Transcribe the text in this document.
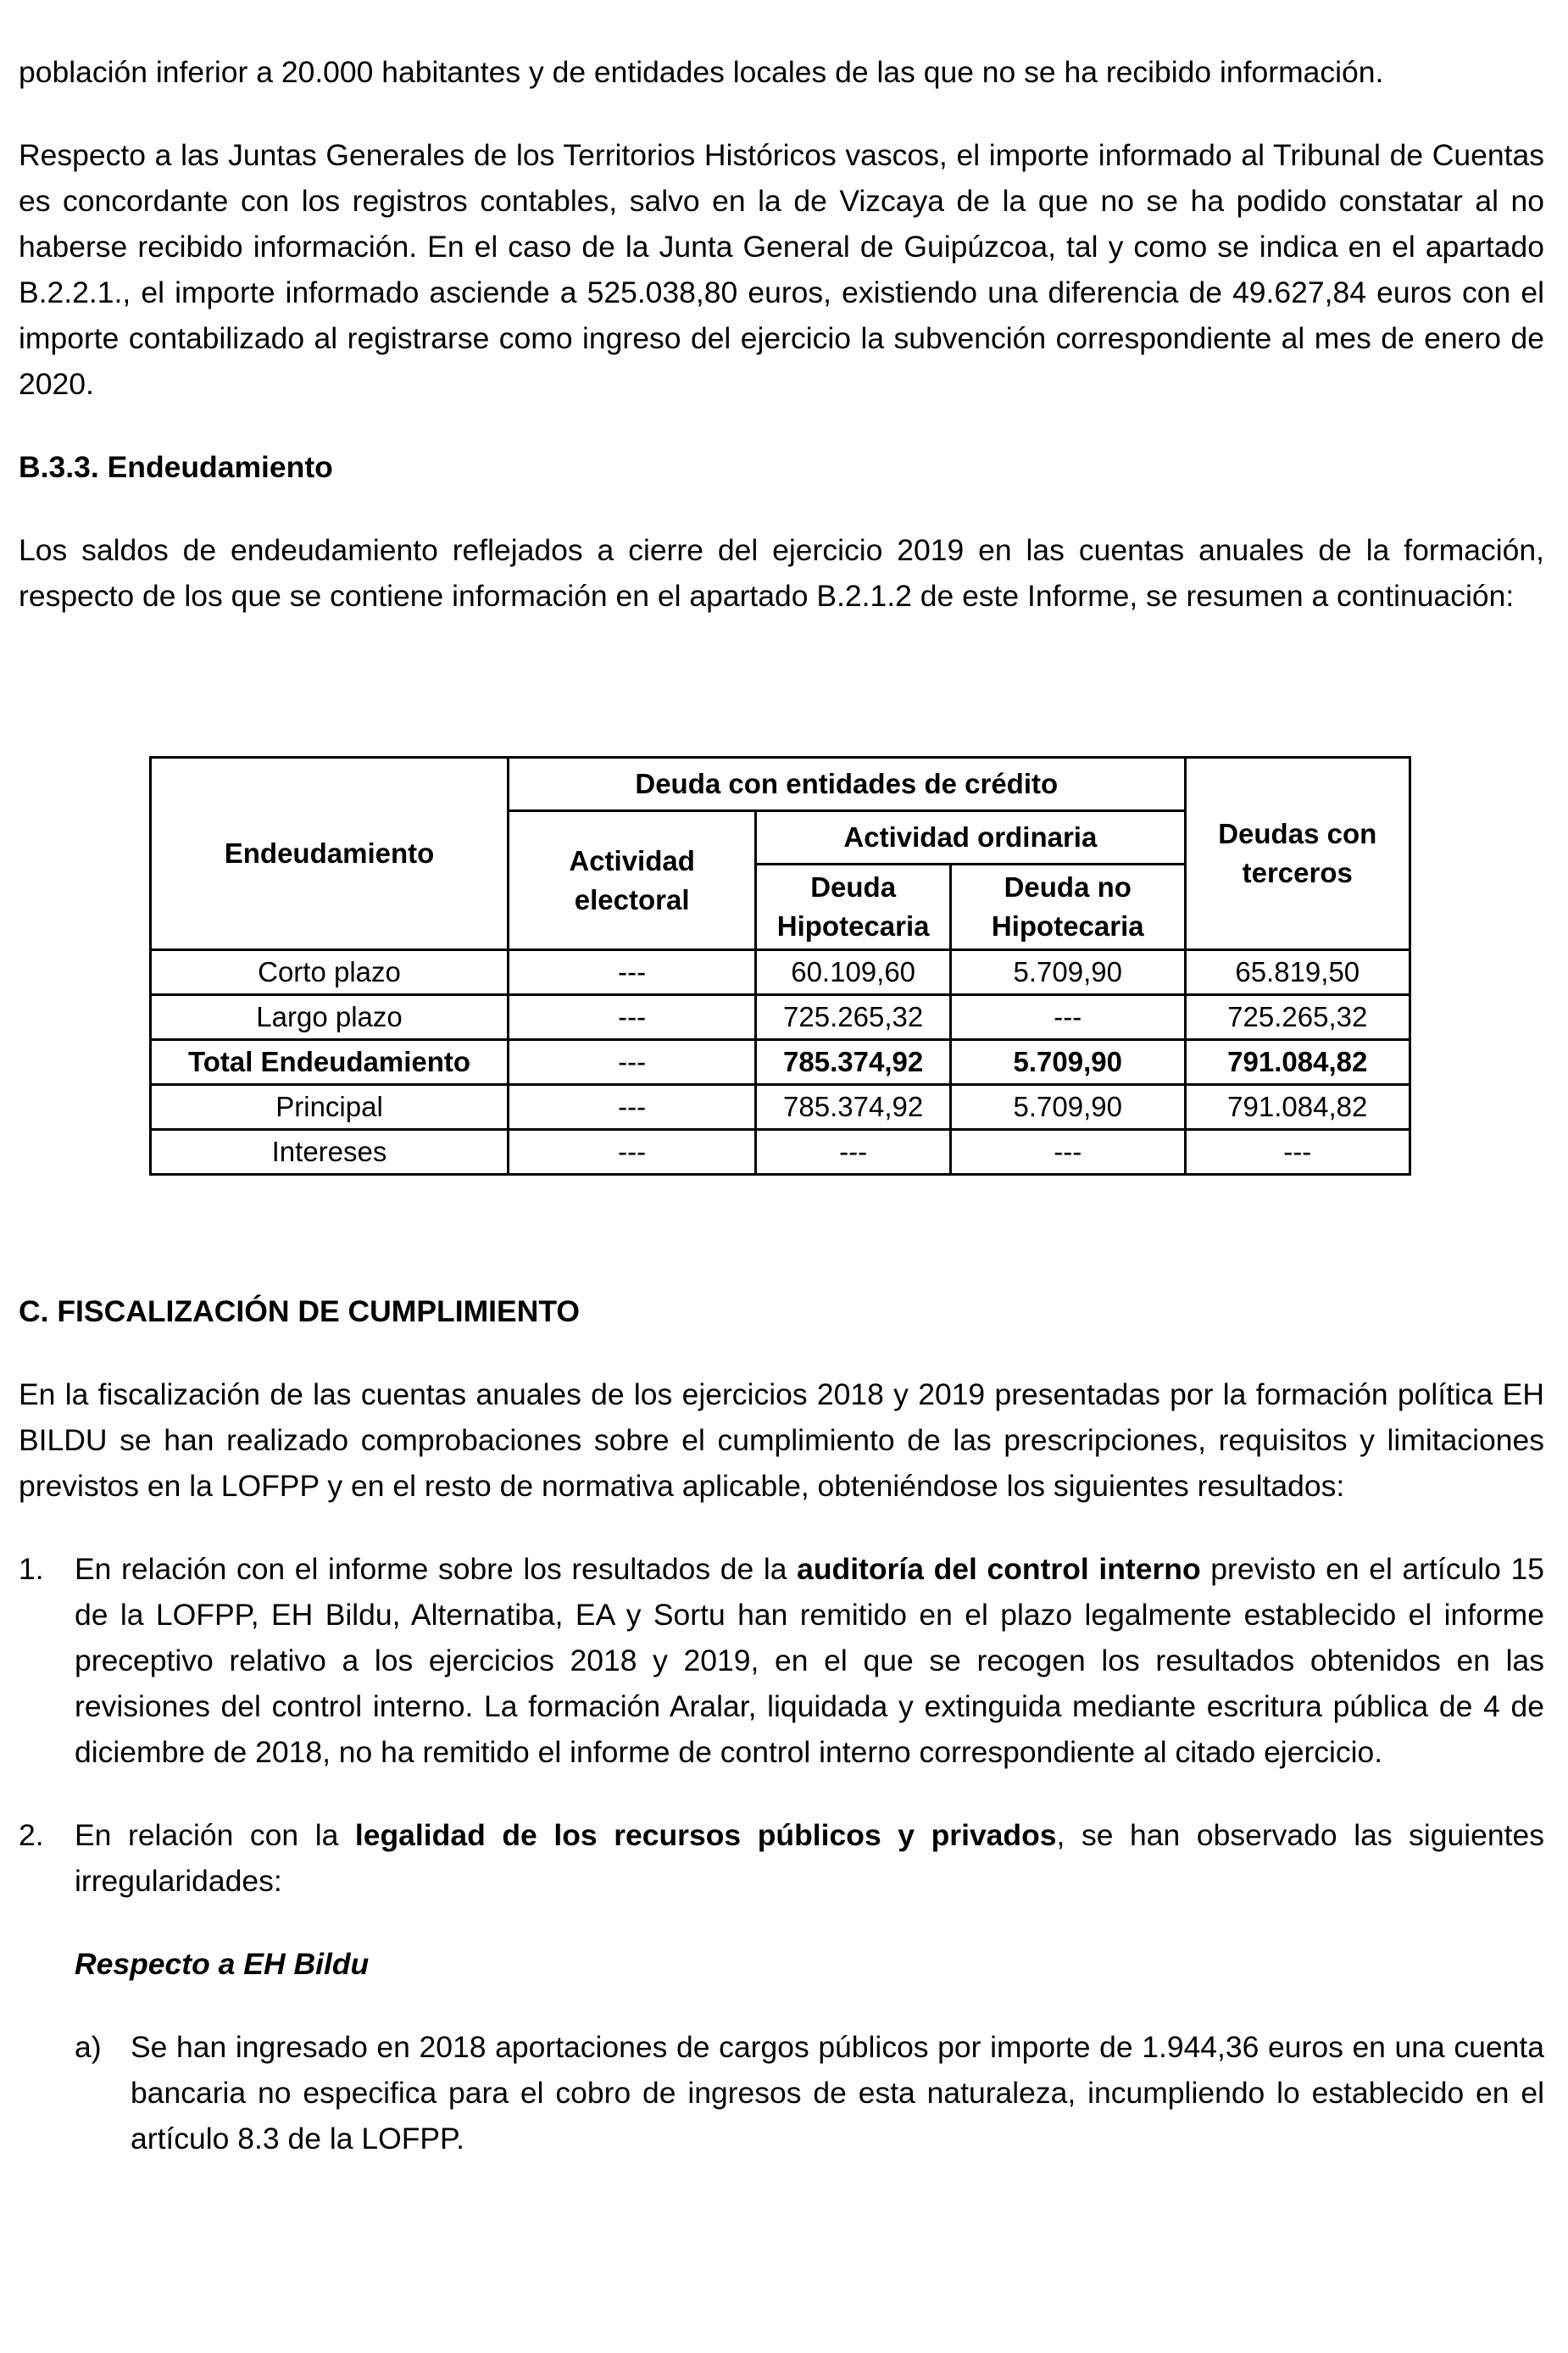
población inferior a 20.000 habitantes y de entidades locales de las que no se ha recibido información.

Respecto a las Juntas Generales de los Territorios Históricos vascos, el importe informado al Tribunal de Cuentas es concordante con los registros contables, salvo en la de Vizcaya de la que no se ha podido constatar al no haberse recibido información. En el caso de la Junta General de Guipúzcoa, tal y como se indica en el apartado B.2.2.1., el importe informado asciende a 525.038,80 euros, existiendo una diferencia de 49.627,84 euros con el importe contabilizado al registrarse como ingreso del ejercicio la subvención correspondiente al mes de enero de 2020.

B.3.3. Endeudamiento

Los saldos de endeudamiento reflejados a cierre del ejercicio 2019 en las cuentas anuales de la formación, respecto de los que se contiene información en el apartado B.2.1.2 de este Informe, se resumen a continuación:

Endeudamiento	Deuda con entidades de crédito			Deudas con terceros
	Actividad electoral	Actividad ordinaria		
		Deuda Hipotecaria	Deuda no Hipotecaria	
Corto plazo	---	60.109,60	5.709,90	65.819,50
Largo plazo	---	725.265,32	---	725.265,32
Total Endeudamiento	---	785.374,92	5.709,90	791.084,82
Principal	---	785.374,92	5.709,90	791.084,82
Intereses	---	---	---	---
C. FISCALIZACIÓN DE CUMPLIMIENTO

En la fiscalización de las cuentas anuales de los ejercicios 2018 y 2019 presentadas por la formación política EH BILDU se han realizado comprobaciones sobre el cumplimiento de las prescripciones, requisitos y limitaciones previstos en la LOFPP y en el resto de normativa aplicable, obteniéndose los siguientes resultados:

1.	En relación con el informe sobre los resultados de la auditoría del control interno previsto en el artículo 15 de la LOFPP, EH Bildu, Alternatiba, EA y Sortu han remitido en el plazo legalmente establecido el informe preceptivo relativo a los ejercicios 2018 y 2019, en el que se recogen los resultados obtenidos en las revisiones del control interno. La formación Aralar, liquidada y extinguida mediante escritura pública de 4 de diciembre de 2018, no ha remitido el informe de control interno correspondiente al citado ejercicio.

2.	En relación con la legalidad de los recursos públicos y privados, se han observado las siguientes irregularidades:

Respecto a EH Bildu

a) Se han ingresado en 2018 aportaciones de cargos públicos por importe de 1.944,36 euros en una cuenta bancaria no especifica para el cobro de ingresos de esta naturaleza, incumpliendo lo establecido en el artículo 8.3 de la LOFPP.
